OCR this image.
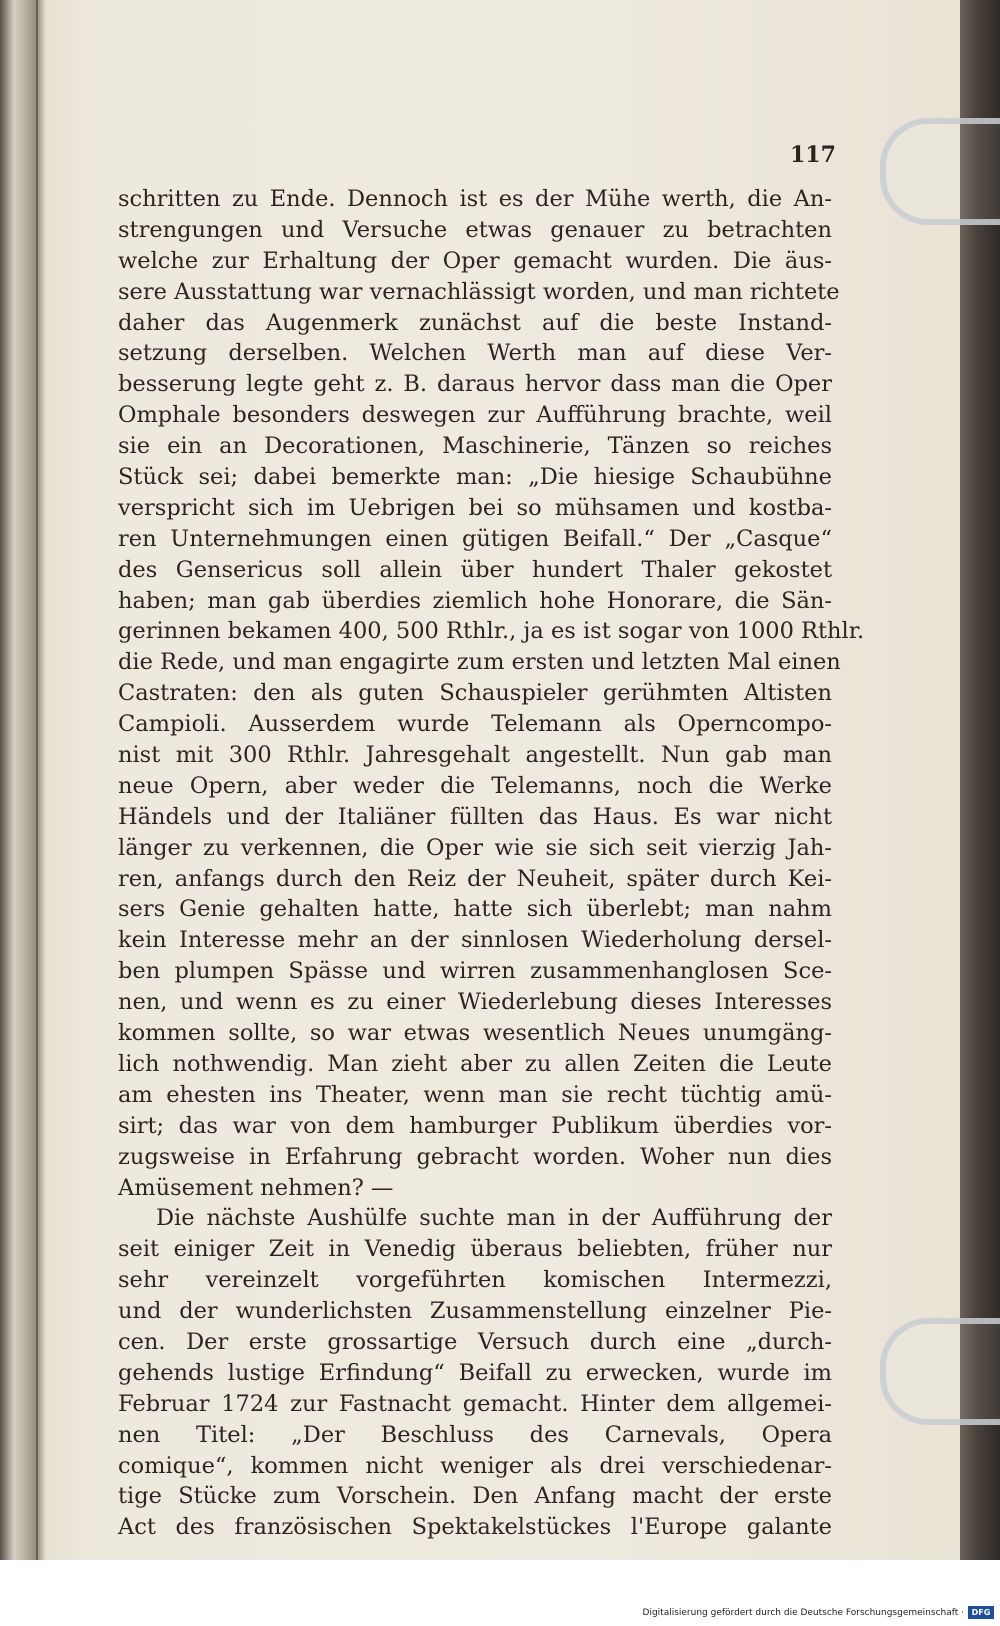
117
schritten zu Ende. Dennoch ist es der Mühe werth, die An-
strengungen und Versuche etwas genauer zu betrachten
welche zur Erhaltung der Oper gemacht wurden. Die äus-
sere Ausstattung war vernachlässigt worden, und man richtete
daher das Augenmerk zunächst auf die beste Instand-
setzung derselben. Welchen Werth man auf diese Ver-
besserung legte geht z. B. daraus hervor dass man die Oper
Omphale besonders deswegen zur Aufführung brachte, weil
sie ein an Decorationen, Maschinerie, Tänzen so reiches
Stück sei; dabei bemerkte man: „Die hiesige Schaubühne
verspricht sich im Uebrigen bei so mühsamen und kostba-
ren Unternehmungen einen gütigen Beifall.“ Der „Casque“
des Gensericus soll allein über hundert Thaler gekostet
haben; man gab überdies ziemlich hohe Honorare, die Sän-
gerinnen bekamen 400, 500 Rthlr., ja es ist sogar von 1000 Rthlr.
die Rede, und man engagirte zum ersten und letzten Mal einen
Castraten: den als guten Schauspieler gerühmten Altisten
Campioli. Ausserdem wurde Telemann als Operncompo-
nist mit 300 Rthlr. Jahresgehalt angestellt. Nun gab man
neue Opern, aber weder die Telemanns, noch die Werke
Händels und der Italiäner füllten das Haus. Es war nicht
länger zu verkennen, die Oper wie sie sich seit vierzig Jah-
ren, anfangs durch den Reiz der Neuheit, später durch Kei-
sers Genie gehalten hatte, hatte sich überlebt; man nahm
kein Interesse mehr an der sinnlosen Wiederholung dersel-
ben plumpen Spässe und wirren zusammenhanglosen Sce-
nen, und wenn es zu einer Wiederlebung dieses Interesses
kommen sollte, so war etwas wesentlich Neues unumgäng-
lich nothwendig. Man zieht aber zu allen Zeiten die Leute
am ehesten ins Theater, wenn man sie recht tüchtig amü-
sirt; das war von dem hamburger Publikum überdies vor-
zugsweise in Erfahrung gebracht worden. Woher nun dies
Amüsement nehmen? —
Die nächste Aushülfe suchte man in der Aufführung der
seit einiger Zeit in Venedig überaus beliebten, früher nur
sehr vereinzelt vorgeführten komischen Intermezzi,
und der wunderlichsten Zusammenstellung einzelner Pie-
cen. Der erste grossartige Versuch durch eine „durch-
gehends lustige Erfindung“ Beifall zu erwecken, wurde im
Februar 1724 zur Fastnacht gemacht. Hinter dem allgemei-
nen Titel: „Der Beschluss des Carnevals, Opera
comique“, kommen nicht weniger als drei verschiedenar-
tige Stücke zum Vorschein. Den Anfang macht der erste
Act des französischen Spektakelstückes l'Europe galante
Digitalisierung gefördert durch die Deutsche Forschungsgemeinschaft · DFG
